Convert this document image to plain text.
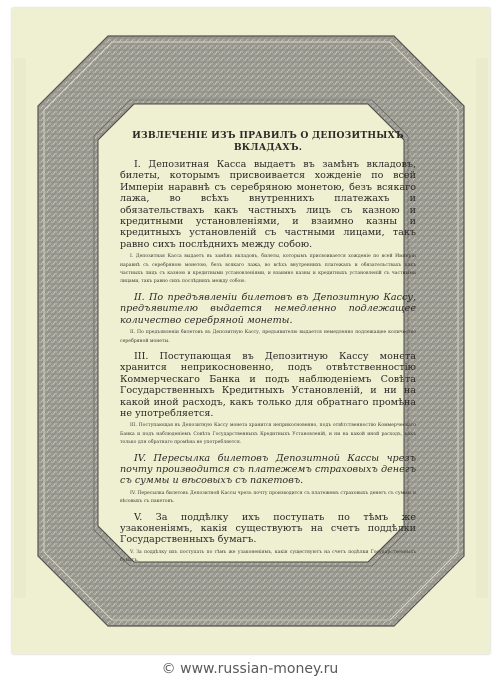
ИЗВЛЕЧЕНІЕ ИЗЪ ПРАВИЛЪ О ДЕПОЗИТНЫХЪ
ВКЛАДАХЪ.

I. Депозитная Касса выдаетъ въ замѣнъ вкладовъ, билеты, которымъ присвоивается хожденіе по всей Имперіи наравнѣ съ серебряною монетою, безъ всякаго лажа, во всѣхъ внутреннихъ платежахъ и обязательствахъ какъ частныхъ лицъ съ казною и кредитными установленіями, и взаимно казны и кредитныхъ установленій съ частными лицами, такъ равно сихъ послѣднихъ между собою.

I. Депозитная Касса выдаетъ въ замѣнъ вкладовъ, билеты, которымъ присвоивается хожденіе по всей Имперіи наравнѣ съ серебряною монетою, безъ всякаго лажа, во всѣхъ внутреннихъ платежахъ и обязательствахъ какъ частныхъ лицъ съ казною и кредитными установленіями, и взаимно казны и кредитныхъ установленій съ частными лицами, такъ равно сихъ послѣднихъ между собою.

II. По предъявленіи билетовъ въ Депозитную Кассу, предъявителю выдается немедленно подлежащее количество серебряной монеты.

II. По предъявленіи билетовъ въ Депозитную Кассу, предъявителю выдается немедленно подлежащее количество серебряной монеты.

III. Поступающая въ Депозитную Кассу монета хранится неприкосновенно, подъ отвѣтственностію Коммерческаго Банка и подъ наблюденіемъ Совѣта Государственныхъ Кредитныхъ Установленій, и ни на какой иной расходъ, какъ только для обратнаго промѣна не употребляется.

III. Поступающая въ Депозитную Кассу монета хранится неприкосновенно, подъ отвѣтственностію Коммерческаго Банка и подъ наблюденіемъ Совѣта Государственныхъ Кредитныхъ Установленій, и ни на какой иной расходъ, какъ только для обратнаго промѣна не употребляется.

IV. Пересылка билетовъ Депозитной Кассы чрезъ почту производится съ платежемъ страховыхъ денегъ съ суммы и вѣсовыхъ съ пакетовъ.

IV. Пересылка билетовъ Депозитной Кассы чрезъ почту производится съ платежемъ страховыхъ денегъ съ суммы и вѣсовыхъ съ пакетовъ.

V. За поддѣлку ихъ поступать по тѣмъ же узаконеніямъ, какія существуютъ на счетъ поддѣлки Государственныхъ бумагъ.

V. За поддѣлку ихъ поступать по тѣмъ же узаконеніямъ, какія существуютъ на счетъ подѣлки Государственныхъ бумагъ.

© www.russian-money.ru
